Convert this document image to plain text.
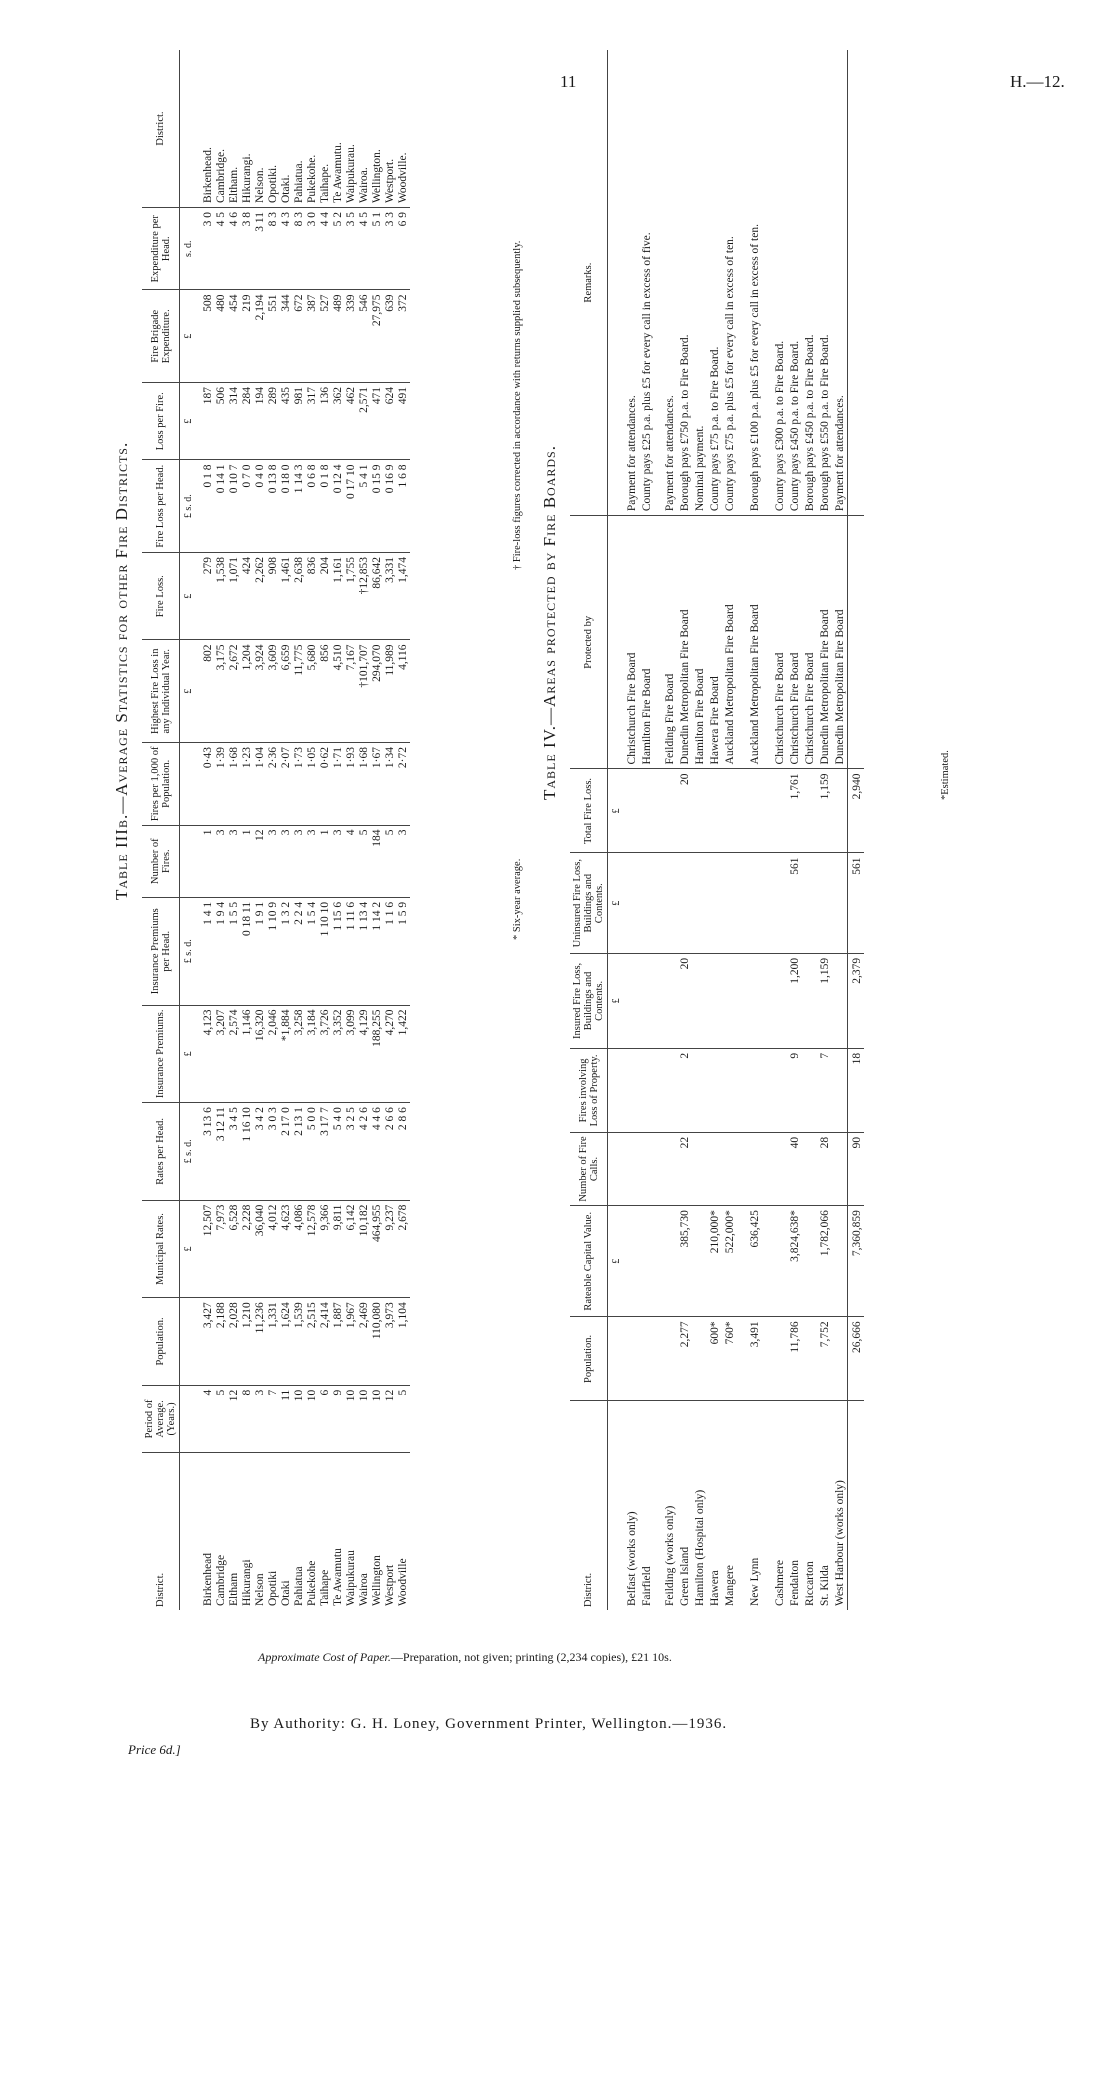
11	H.—12.
Table IIIb.—Average Statistics for other Fire Districts.
District.	Period of Average. (Years.)	Population.	Municipal Rates.	Rates per Head.	Insurance Premiums.	Insurance Premiums per Head.	Number of Fires.	Fires per 1,000 of Population.	Highest Fire Loss in any Individual Year.	Fire Loss.	Fire Loss per Head.	Loss per Fire.	Fire Brigade Expenditure.	Expenditure per Head.	District.
			£	£ s. d.	£	£ s. d.			£	£	£ s. d.	£	£	s. d.	
Birkenhead	4	3,427	12,507	3 13 6	4,123	1 4 1	1	0·43	802	279	0 1 8	187	508	3 0	Birkenhead.
Cambridge	5	2,188	7,973	3 12 11	3,207	1 9 4	3	1·39	3,175	1,538	0 14 1	506	480	4 5	Cambridge.
Eltham	12	2,028	6,528	3 4 5	2,574	1 5 5	3	1·68	2,672	1,071	0 10 7	314	454	4 6	Eltham.
Hikurangi	8	1,210	2,228	1 16 10	1,146	0 18 11	1	1·23	1,204	424	0 7 0	284	219	3 8	Hikurangi.
Nelson	3	11,236	36,040	3 4 2	16,320	1 9 1	12	1·04	3,924	2,262	0 4 0	194	2,194	3 11	Nelson.
Opotiki	7	1,331	4,012	3 0 3	2,046	1 10 9	3	2·36	3,609	908	0 13 8	289	551	8 3	Opotiki.
Otaki	11	1,624	4,623	2 17 0	*1,884	1 3 2	3	2·07	6,659	1,461	0 18 0	435	344	4 3	Otaki.
Pahiatua	10	1,539	4,086	2 13 1	3,258	2 2 4	3	1·73	11,775	2,638	1 14 3	981	672	8 3	Pahiatua.
Pukekohe	10	2,515	12,578	5 0 0	3,184	1 5 4	3	1·05	5,680	836	0 6 8	317	387	3 0	Pukekohe.
Taihape	6	2,414	9,366	3 17 7	3,726	1 10 10	1	0·62	856	204	0 1 8	136	527	4 4	Taihape.
Te Awamutu	9	1,887	9,811	5 4 0	3,352	1 15 6	3	1·71	4,510	1,161	0 12 4	362	489	5 2	Te Awamutu.
Waipukurau	10	1,967	6,142	3 2 5	3,099	1 11 6	4	1·93	7,167	1,755	0 17 10	462	339	3 5	Waipukurau.
Wairoa	10	2,469	10,182	4 2 6	4,129	1 13 4	5	1·68	†101,707	†12,853	5 4 1	2,571	546	4 5	Wairoa.
Wellington	10	110,080	464,955	4 4 6	188,255	1 14 2	184	1·67	294,070	86,642	0 15 9	471	27,975	5 1	Wellington.
Westport	12	3,973	9,237	2 6 6	4,270	1 1 6	5	1·34	11,989	3,331	0 16 9	624	639	3 3	Westport.
Woodville	5	1,104	2,678	2 8 6	1,422	1 5 9	3	2·72	4,116	1,474	1 6 8	491	372	6 9	Woodville.
* Six-year average.
† Fire-loss figures corrected in accordance with returns supplied subsequently.
Table IV.—Areas protected by Fire Boards.
District.	Population.	Rateable Capital Value.	Number of Fire Calls.	Fires involving Loss of Property.	Insured Fire Loss, Buildings and Contents.	Uninsured Fire Loss, Buildings and Contents.	Total Fire Loss.	Protected by	Remarks.
		£			£	£	£		
Belfast (works only)								Christchurch Fire Board	Payment for attendances.
Fairfield								Hamilton Fire Board	County pays £25 p.a. plus £5 for every call in excess of five.
Feilding (works only)								Feilding Fire Board	Payment for attendances.
Green Island	2,277	385,730	22	2	20		20	Dunedin Metropolitan Fire Board	Borough pays £750 p.a. to Fire Board.
Hamilton (Hospital only)								Hamilton Fire Board	Nominal payment.
Hawera	600*	210,000*						Hawera Fire Board	County pays £75 p.a. to Fire Board.
Mangere	760*	522,000*						Auckland Metropolitan Fire Board	County pays £75 p.a. plus £5 for every call in excess of ten.
New Lynn	3,491	636,425						Auckland Metropolitan Fire Board	Borough pays £100 p.a. plus £5 for every call in excess of ten.
Cashmere								Christchurch Fire Board	County pays £300 p.a. to Fire Board.
Fendalton	11,786	3,824,638*	40	9	1,200	561	1,761	Christchurch Fire Board	County pays £450 p.a. to Fire Board.
Riccarton								Christchurch Fire Board	Borough pays £450 p.a. to Fire Board.
St. Kilda	7,752	1,782,066	28	7	1,159		1,159	Dunedin Metropolitan Fire Board	Borough pays £550 p.a. to Fire Board.
West Harbour (works only)								Dunedin Metropolitan Fire Board	Payment for attendances.
	26,666	7,360,859	90	18	2,379	561	2,940			*Estimated.
Approximate Cost of Paper.—Preparation, not given; printing (2,234 copies), £21 10s.
By Authority: G. H. Loney, Government Printer, Wellington.—1936.
Price 6d.]
